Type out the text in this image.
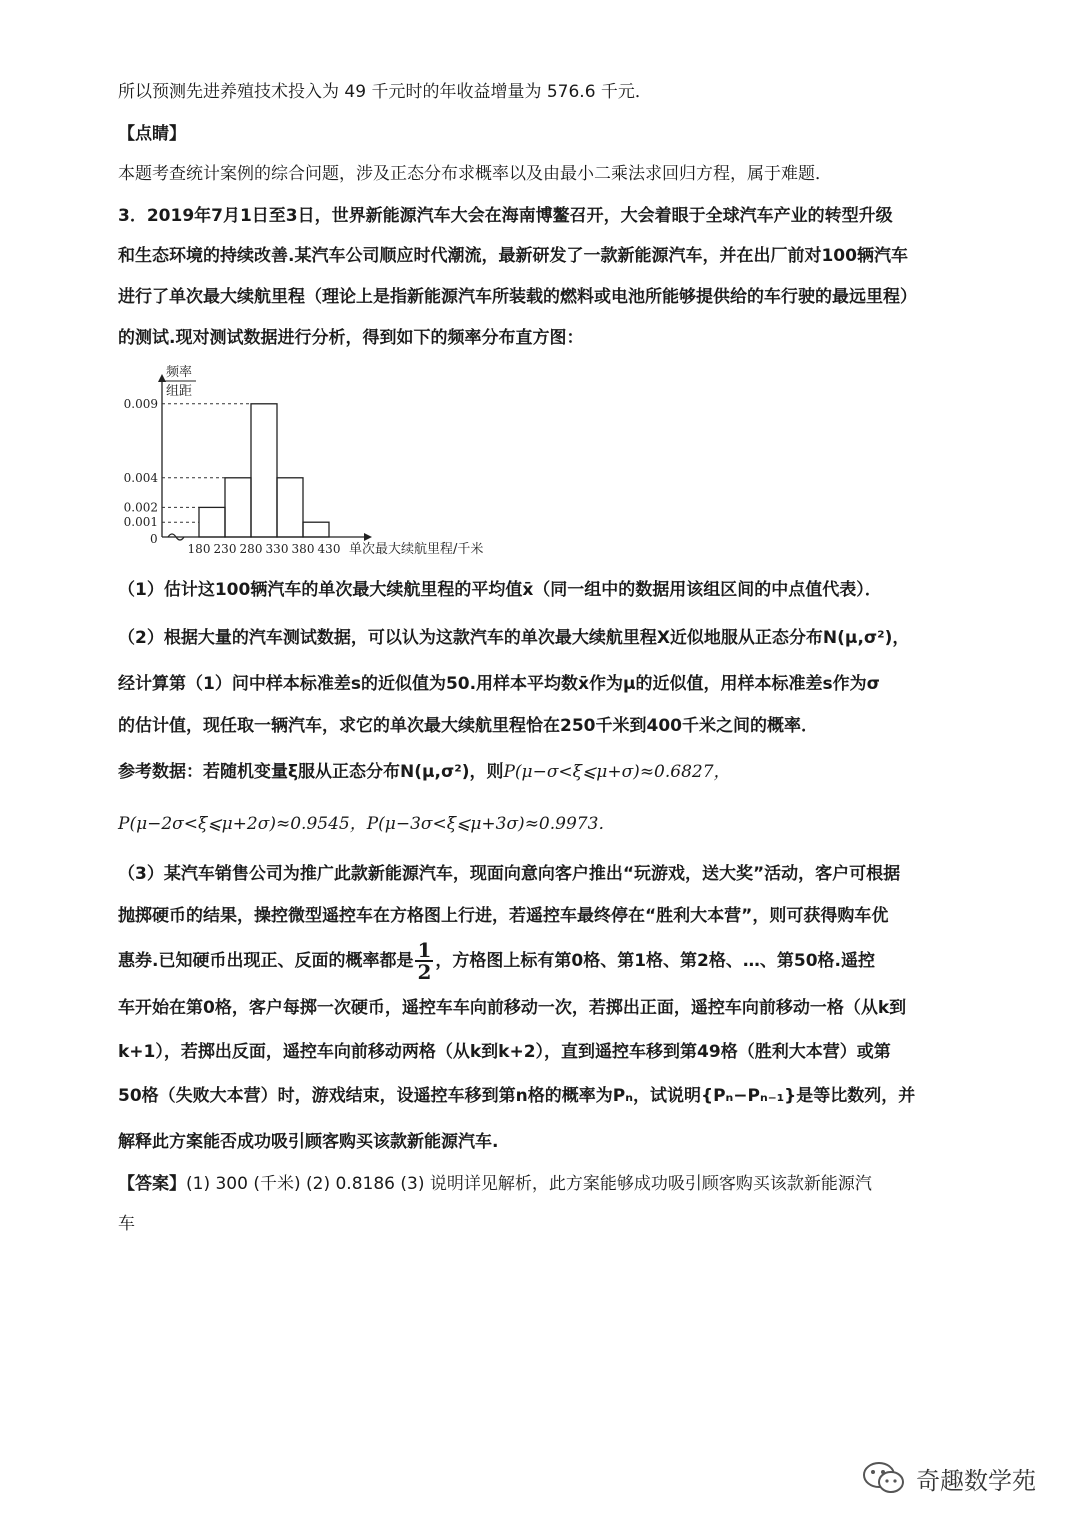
所以预测先进养殖技术投入为 49 千元时的年收益增量为 576.6 千元．
【点睛】
本题考查统计案例的综合问题，涉及正态分布求概率以及由最小二乘法求回归方程，属于难题．
3．2019年7月1日至3日，世界新能源汽车大会在海南博鳌召开，大会着眼于全球汽车产业的转型升级
和生态环境的持续改善.某汽车公司顺应时代潮流，最新研发了一款新能源汽车，并在出厂前对100辆汽车
进行了单次最大续航里程（理论上是指新能源汽车所装载的燃料或电池所能够提供给的车行驶的最远里程）
的测试.现对测试数据进行分析，得到如下的频率分布直方图：
频率
组距
0
0.009
0.004
0.002
0.001
180 230 280 330 380 430 单次最大续航里程/千米
（1）估计这100辆汽车的单次最大续航里程的平均值x̄（同一组中的数据用该组区间的中点值代表）．
（2）根据大量的汽车测试数据，可以认为这款汽车的单次最大续航里程X近似地服从正态分布N(μ,σ²)，
经计算第（1）问中样本标准差s的近似值为50.用样本平均数x̄作为μ的近似值，用样本标准差s作为σ
的估计值，现任取一辆汽车，求它的单次最大续航里程恰在250千米到400千米之间的概率．
参考数据：若随机变量ξ服从正态分布N(μ,σ²)，则P(μ−σ<ξ⩽μ+σ)≈0.6827，
P(μ−2σ<ξ⩽μ+2σ)≈0.9545，P(μ−3σ<ξ⩽μ+3σ)≈0.9973．
（3）某汽车销售公司为推广此款新能源汽车，现面向意向客户推出“玩游戏，送大奖”活动，客户可根据
抛掷硬币的结果，操控微型遥控车在方格图上行进，若遥控车最终停在“胜利大本营”，则可获得购车优
惠券.已知硬币出现正、反面的概率都是 $\frac{1}{2}$ ，方格图上标有第0格、第1格、第2格、…、第50格.遥控
车开始在第0格，客户每掷一次硬币，遥控车车向前移动一次，若掷出正面，遥控车向前移动一格（从k到
k+1），若掷出反面，遥控车向前移动两格（从k到k+2），直到遥控车移到第49格（胜利大本营）或第
50格（失败大本营）时，游戏结束，设遥控车移到第n格的概率为Pₙ，试说明{Pₙ−Pₙ₋₁}是等比数列，并
解释此方案能否成功吸引顾客购买该款新能源汽车.
【答案】(1) 300 (千米) (2) 0.8186 (3) 说明详见解析，此方案能够成功吸引顾客购买该款新能源汽
车
奇趣数学苑
